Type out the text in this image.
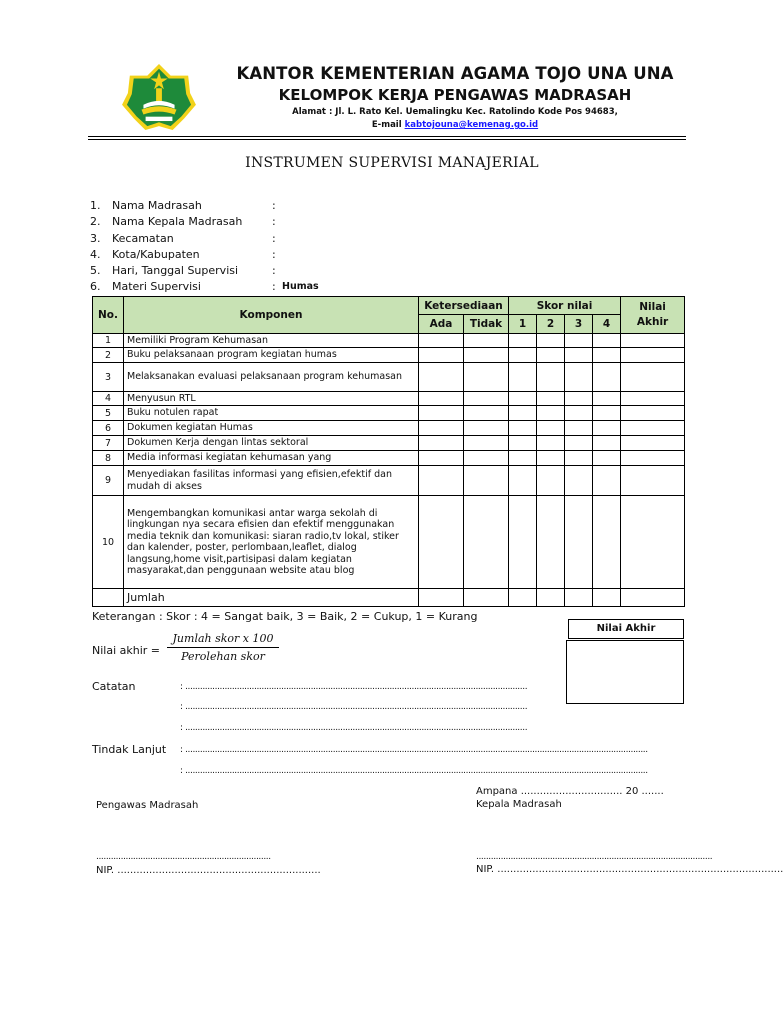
KANTOR KEMENTERIAN AGAMA TOJO UNA UNA
KELOMPOK KERJA PENGAWAS MADRASAH
Alamat : Jl. L. Rato Kel. Uemalingku Kec. Ratolindo Kode Pos 94683,
E-mail kabtojouna@kemenag.go.id
INSTRUMEN SUPERVISI MANAJERIAL
1.	Nama Madrasah	:
2.	Nama Kepala Madrasah	:
3.	Kecamatan	:
4.	Kota/Kabupaten	:
5.	Hari, Tanggal Supervisi	:
6.	Materi Supervisi	: Humas
No.	Komponen	Ketersediaan		Skor nilai				Nilai Akhir
		Ada	Tidak	1	2	3	4	
1	Memiliki Program Kehumasan							
2	Buku pelaksanaan program kegiatan humas							
3	Melaksanakan evaluasi pelaksanaan program kehumasan							
4	Menyusun RTL							
5	Buku notulen rapat							
6	Dokumen kegiatan Humas							
7	Dokumen Kerja dengan lintas sektoral							
8	Media informasi kegiatan kehumasan yang							
9	Menyediakan fasilitas informasi yang efisien,efektif dan mudah di akses							
10	Mengembangkan komunikasi antar warga sekolah di lingkungan nya secara efisien dan efektif menggunakan media teknik dan komunikasi: siaran radio,tv lokal, stiker dan kalender, poster, perlombaan,leaflet, dialog langsung,home visit,partisipasi dalam kegiatan masyarakat,dan penggunaan website atau blog							
	Jumlah							
Keterangan : Skor : 4 = Sangat baik, 3 = Baik, 2 = Cukup, 1 = Kurang
Nilai Akhir
Nilai akhir =
Jumlah skor x 100
Perolehan skor
Catatan	: ...........................................................................................................................................
: ...........................................................................................................................................
: ...........................................................................................................................................
Tindak Lanjut : ............................................................................................................................................................................................
: ............................................................................................................................................................................................
Ampana ................................ 20 .......
Pengawas Madrasah	Kepala Madrasah
.......................................................................
NIP. ................................................................
................................................................................................
NIP. ..........................................................................................
